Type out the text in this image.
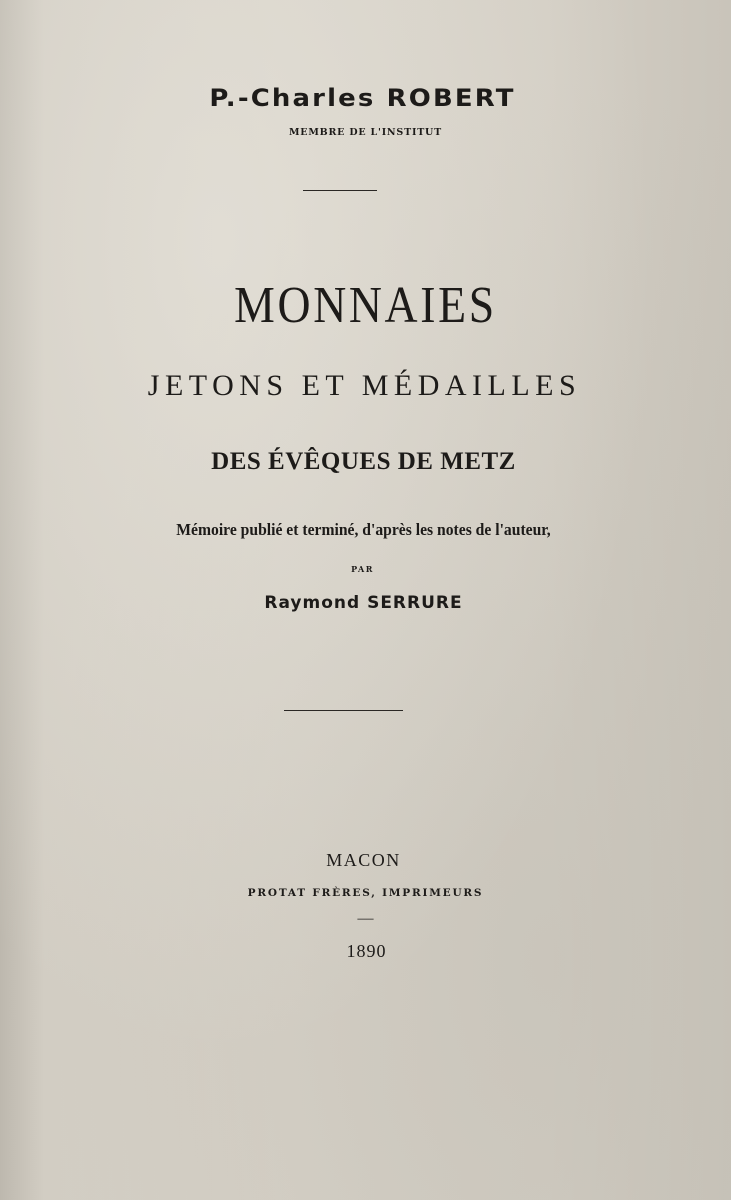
P.-Charles ROBERT
MEMBRE DE L'INSTITUT
MONNAIES
JETONS ET MÉDAILLES
DES ÉVÊQUES DE METZ
Mémoire publié et terminé, d'après les notes de l'auteur,
PAR
Raymond SERRURE
MACON
PROTAT FRÈRES, IMPRIMEURS
—
1890
